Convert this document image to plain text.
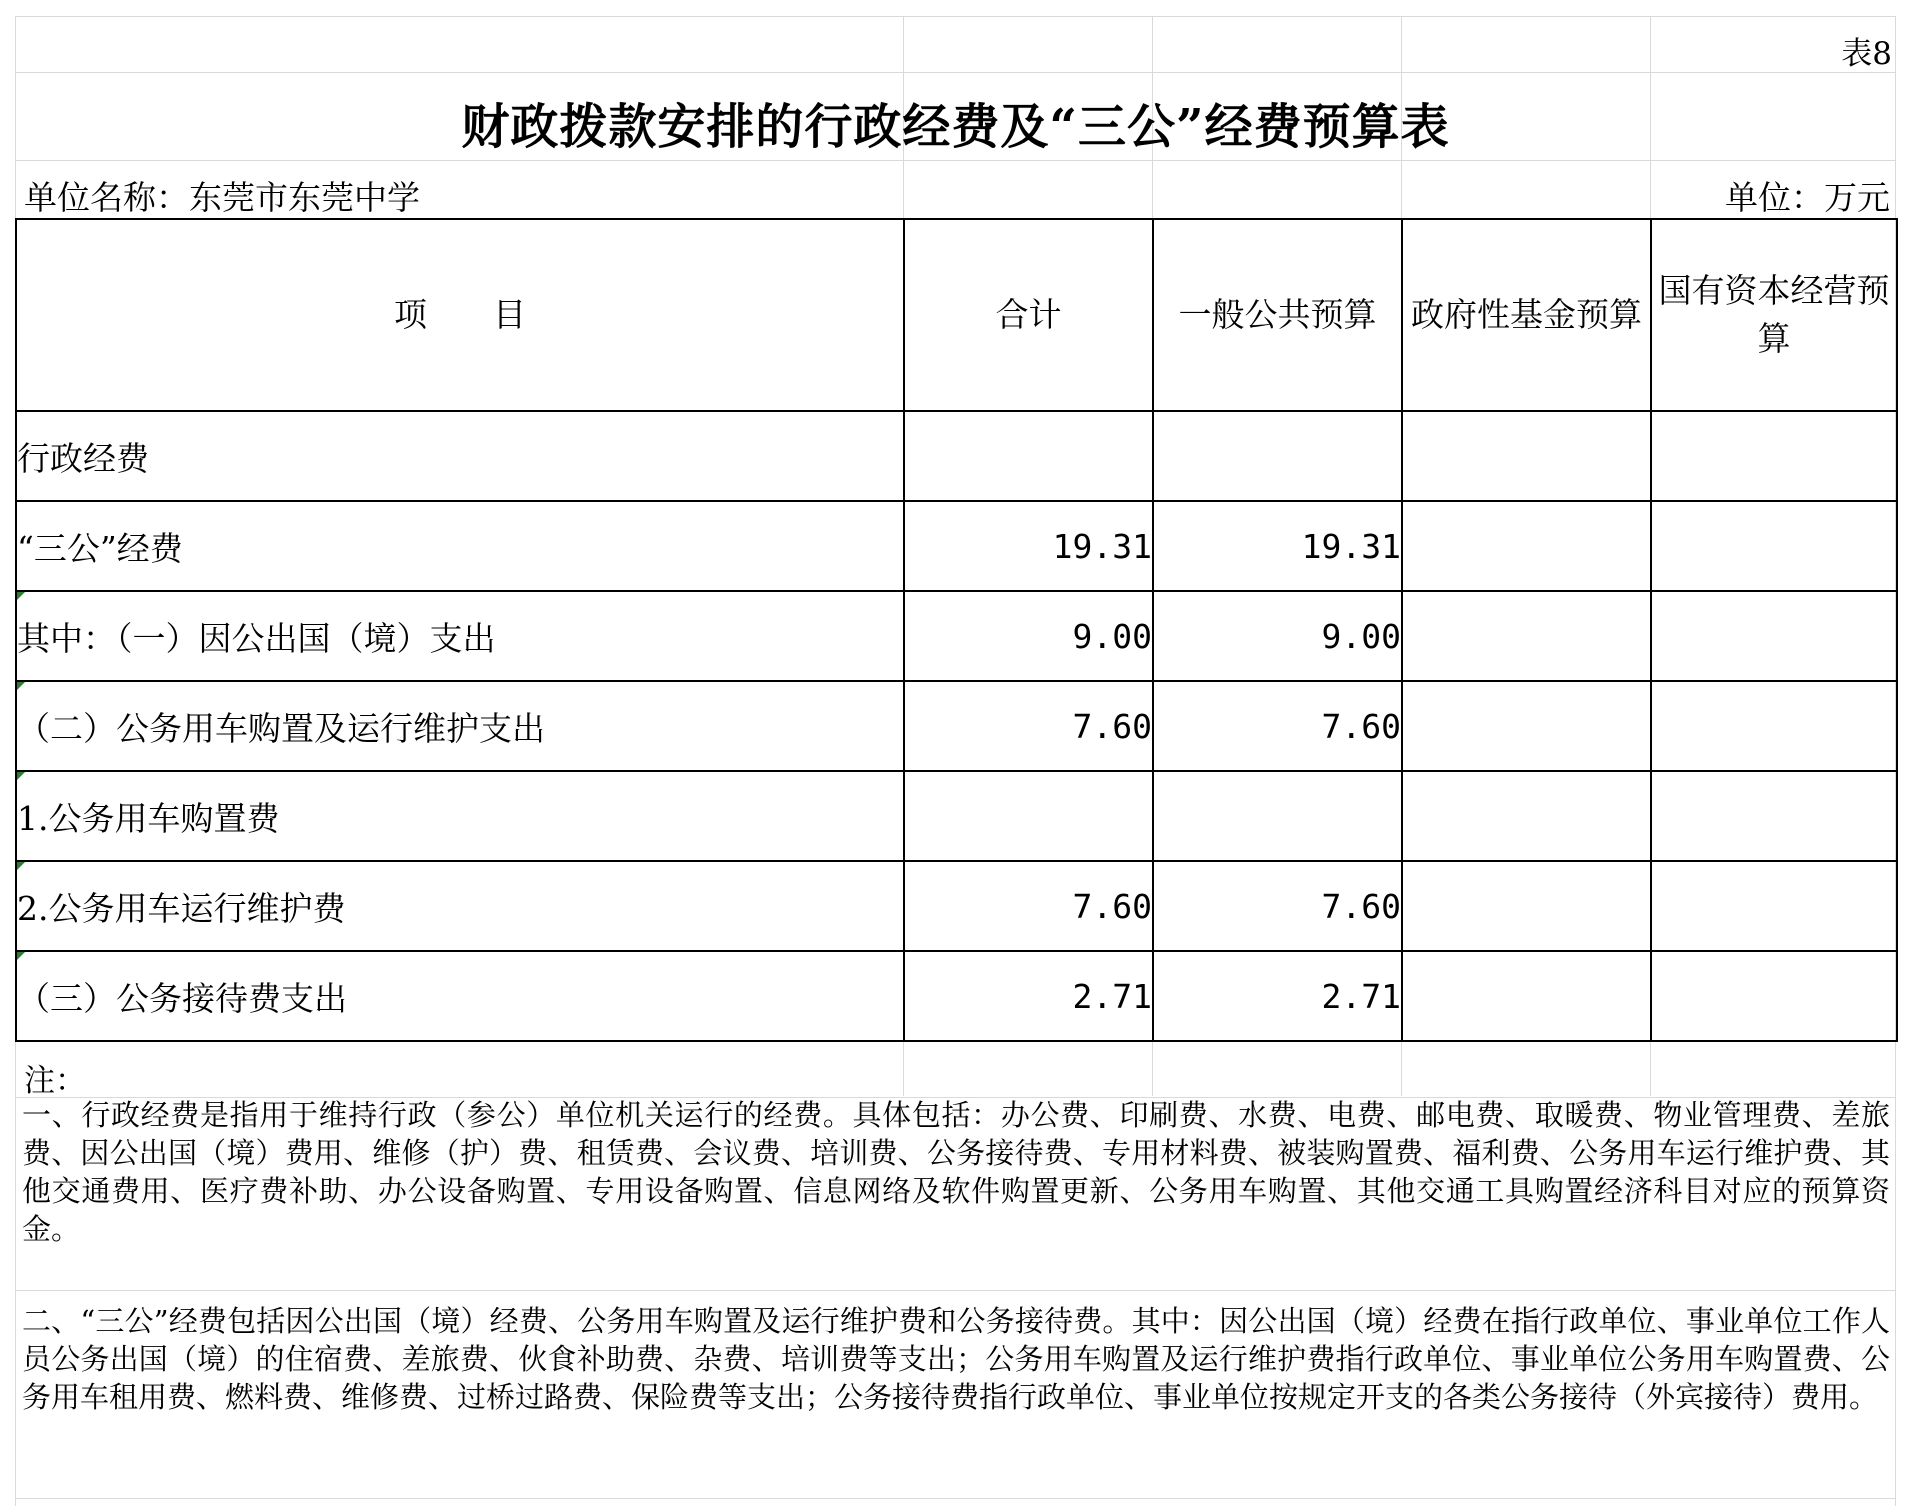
表8
财政拨款安排的行政经费及“三公”经费预算表
单位名称：东莞市东莞中学	单位：万元
项　　目	合计	一般公共预算	政府性基金预算	国有资本经营预算
行政经费				
“三公”经费	19.31	19.31		

其中：（一）因公出国（境）支出	9.00	9.00		

（二）公务用车购置及运行维护支出	7.60	7.60		

1.公务用车购置费				

2.公务用车运行维护费	7.60	7.60		

（三）公务接待费支出	2.71	2.71		
注：
一、行政经费是指用于维持行政（参公）单位机关运行的经费。具体包括：办公费、印刷费、水费、电费、邮电费、取暖费、物业管理费、差旅费、因公出国（境）费用、维修（护）费、租赁费、会议费、培训费、公务接待费、专用材料费、被装购置费、福利费、公务用车运行维护费、其他交通费用、医疗费补助、办公设备购置、专用设备购置、信息网络及软件购置更新、公务用车购置、其他交通工具购置经济科目对应的预算资金。
二、“三公”经费包括因公出国（境）经费、公务用车购置及运行维护费和公务接待费。其中：因公出国（境）经费在指行政单位、事业单位工作人员公务出国（境）的住宿费、差旅费、伙食补助费、杂费、培训费等支出；公务用车购置及运行维护费指行政单位、事业单位公务用车购置费、公务用车租用费、燃料费、维修费、过桥过路费、保险费等支出；公务接待费指行政单位、事业单位按规定开支的各类公务接待（外宾接待）费用。
